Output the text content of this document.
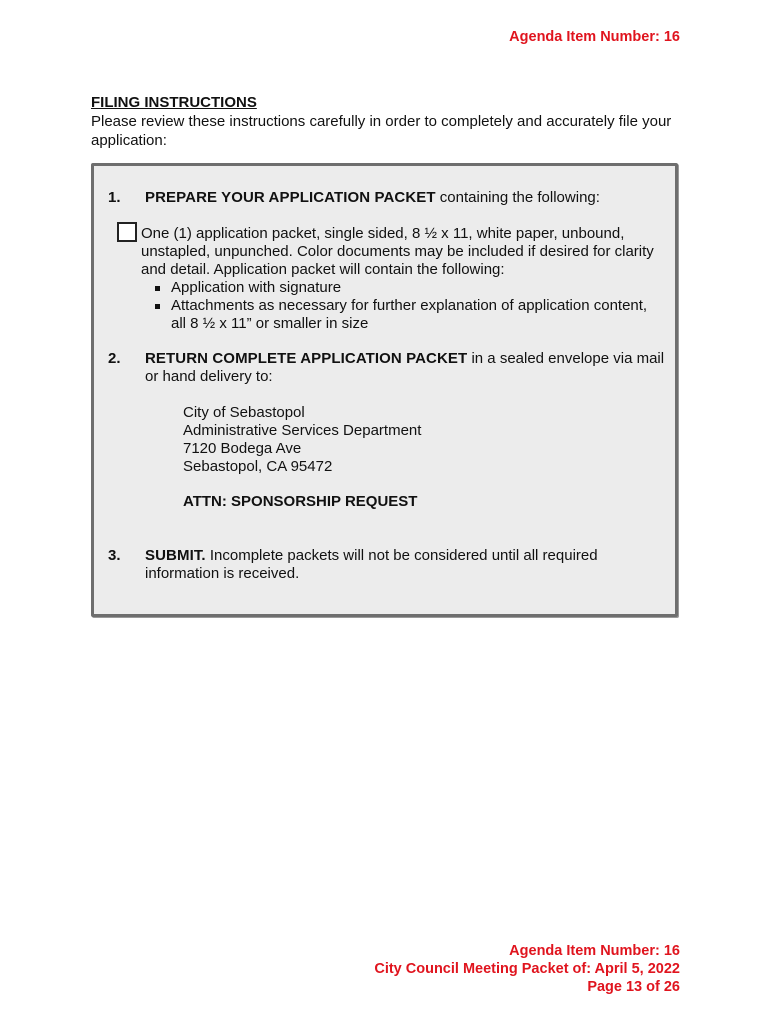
Agenda Item Number: 16
FILING INSTRUCTIONS
Please review these instructions carefully in order to completely and accurately file your
application:
1. PREPARE YOUR APPLICATION PACKET containing the following:
One (1) application packet, single sided, 8 ½ x 11, white paper, unbound,
unstapled, unpunched. Color documents may be included if desired for clarity
and detail. Application packet will contain the following:
Application with signature
Attachments as necessary for further explanation of application content,
all 8 ½ x 11” or smaller in size
2. RETURN COMPLETE APPLICATION PACKET in a sealed envelope via mail
or hand delivery to:
City of Sebastopol
Administrative Services Department
7120 Bodega Ave
Sebastopol, CA 95472
ATTN: SPONSORSHIP REQUEST
3. SUBMIT. Incomplete packets will not be considered until all required
information is received.
Agenda Item Number: 16
City Council Meeting Packet of: April 5, 2022
Page 13 of 26
